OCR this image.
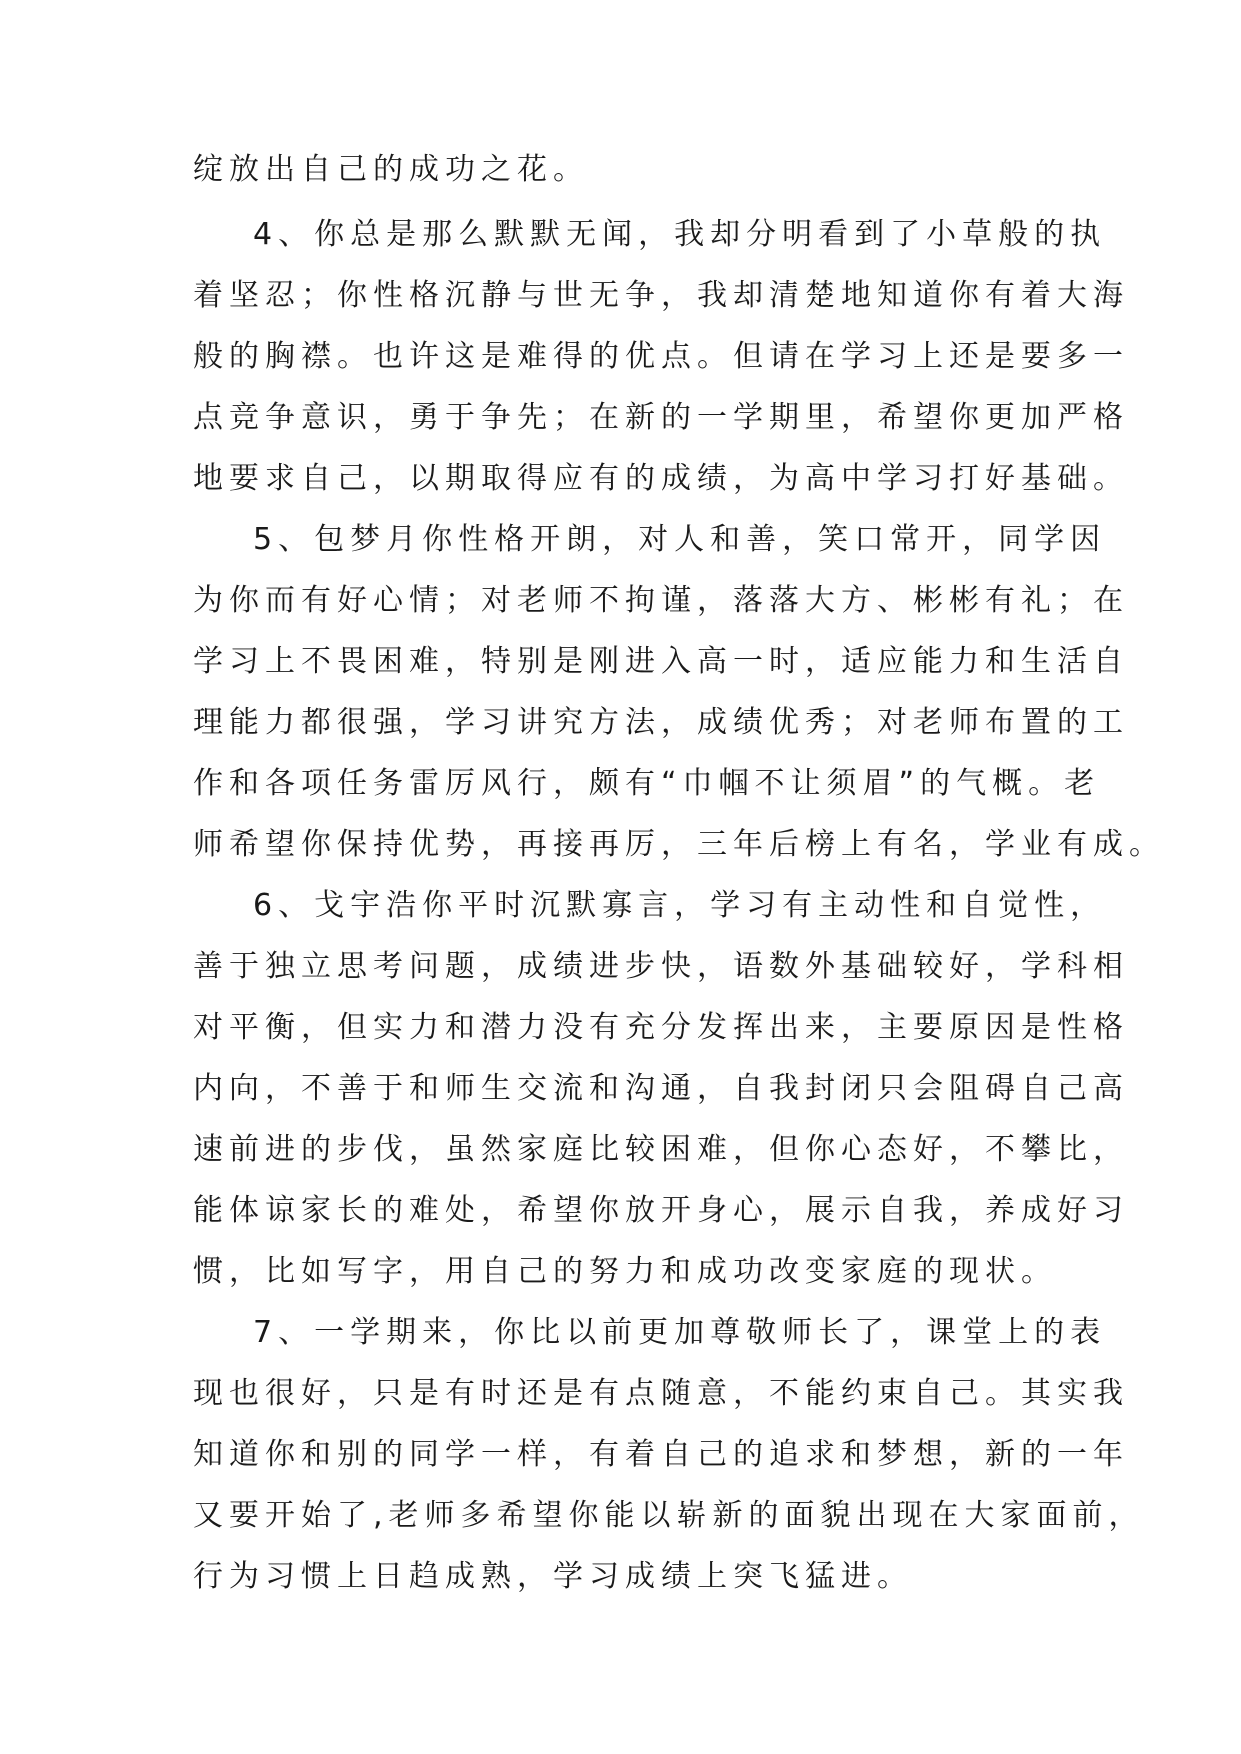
绽放出自己的成功之花。
4、你总是那么默默无闻，我却分明看到了小草般的执
着坚忍；你性格沉静与世无争，我却清楚地知道你有着大海
般的胸襟。也许这是难得的优点。但请在学习上还是要多一
点竞争意识，勇于争先；在新的一学期里，希望你更加严格
地要求自己，以期取得应有的成绩，为高中学习打好基础。
5、包梦月你性格开朗，对人和善，笑口常开，同学因
为你而有好心情；对老师不拘谨，落落大方、彬彬有礼；在
学习上不畏困难，特别是刚进入高一时，适应能力和生活自
理能力都很强，学习讲究方法，成绩优秀；对老师布置的工
作和各项任务雷厉风行，颇有“巾帼不让须眉”的气概。老
师希望你保持优势，再接再厉，三年后榜上有名，学业有成。
6、戈宇浩你平时沉默寡言，学习有主动性和自觉性，
善于独立思考问题，成绩进步快，语数外基础较好，学科相
对平衡，但实力和潜力没有充分发挥出来，主要原因是性格
内向，不善于和师生交流和沟通，自我封闭只会阻碍自己高
速前进的步伐，虽然家庭比较困难，但你心态好，不攀比，
能体谅家长的难处，希望你放开身心，展示自我，养成好习
惯，比如写字，用自己的努力和成功改变家庭的现状。
7、一学期来，你比以前更加尊敬师长了，课堂上的表
现也很好，只是有时还是有点随意，不能约束自己。其实我
知道你和别的同学一样，有着自己的追求和梦想，新的一年
又要开始了,老师多希望你能以崭新的面貌出现在大家面前，
行为习惯上日趋成熟，学习成绩上突飞猛进。
